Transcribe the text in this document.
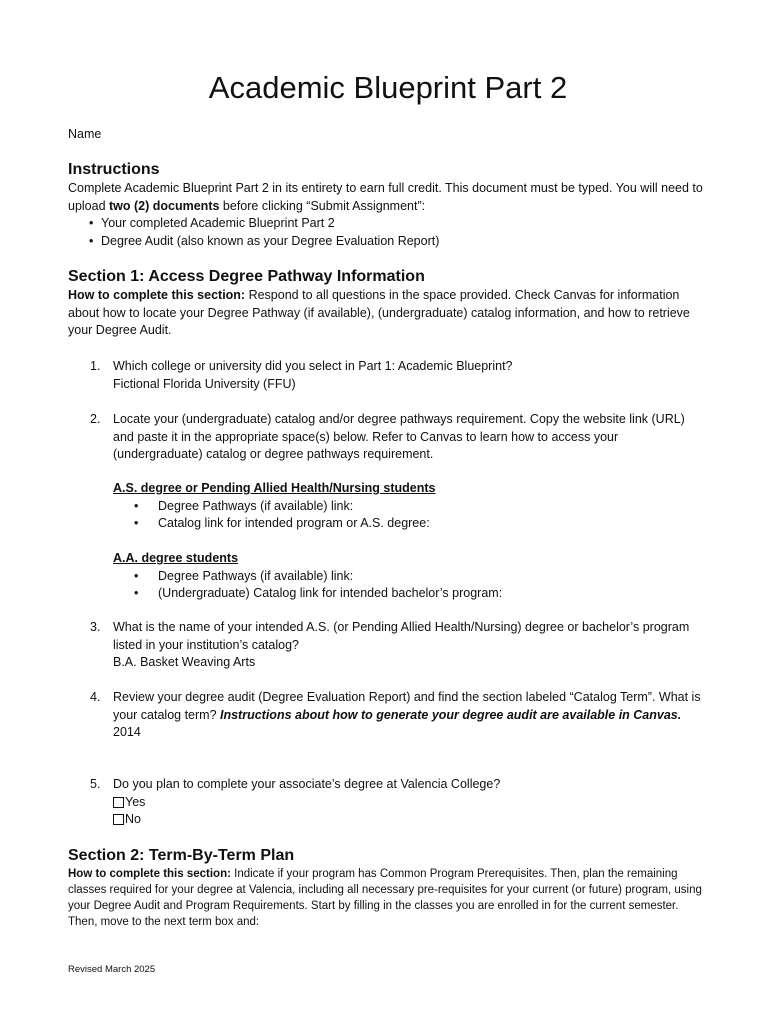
Academic Blueprint Part 2
Name
Instructions

Complete Academic Blueprint Part 2 in its entirety to earn full credit. This document must be typed. You will need to upload two (2) documents before clicking “Submit Assignment”:

• Your completed Academic Blueprint Part 2
• Degree Audit (also known as your Degree Evaluation Report)
Section 1: Access Degree Pathway Information

How to complete this section: Respond to all questions in the space provided. Check Canvas for information about how to locate your Degree Pathway (if available), (undergraduate) catalog information, and how to retrieve your Degree Audit.

1. Which college or university did you select in Part 1: Academic Blueprint?

Fictional Florida University (FFU)

2. Locate your (undergraduate) catalog and/or degree pathways requirement. Copy the website link (URL) and paste it in the appropriate space(s) below. Refer to Canvas to learn how to access your (undergraduate) catalog or degree pathways requirement.

A.S. degree or Pending Allied Health/Nursing students

• Degree Pathways (if available) link:
• Catalog link for intended program or A.S. degree:

A.A. degree students

• Degree Pathways (if available) link:
• (Undergraduate) Catalog link for intended bachelor’s program:
3. What is the name of your intended A.S. (or Pending Allied Health/Nursing) degree or bachelor’s program listed in your institution’s catalog?

B.A. Basket Weaving Arts

4. Review your degree audit (Degree Evaluation Report) and find the section labeled “Catalog Term”. What is your catalog term? Instructions about how to generate your degree audit are available in Canvas.

2014

5. Do you plan to complete your associate’s degree at Valencia College?

Yes
No
Section 2: Term-By-Term Plan

How to complete this section: Indicate if your program has Common Program Prerequisites. Then, plan the remaining classes required for your degree at Valencia, including all necessary pre-requisites for your current (or future) program, using your Degree Audit and Program Requirements. Start by filling in the classes you are enrolled in for the current semester. Then, move to the next term box and:

Revised March 2025
